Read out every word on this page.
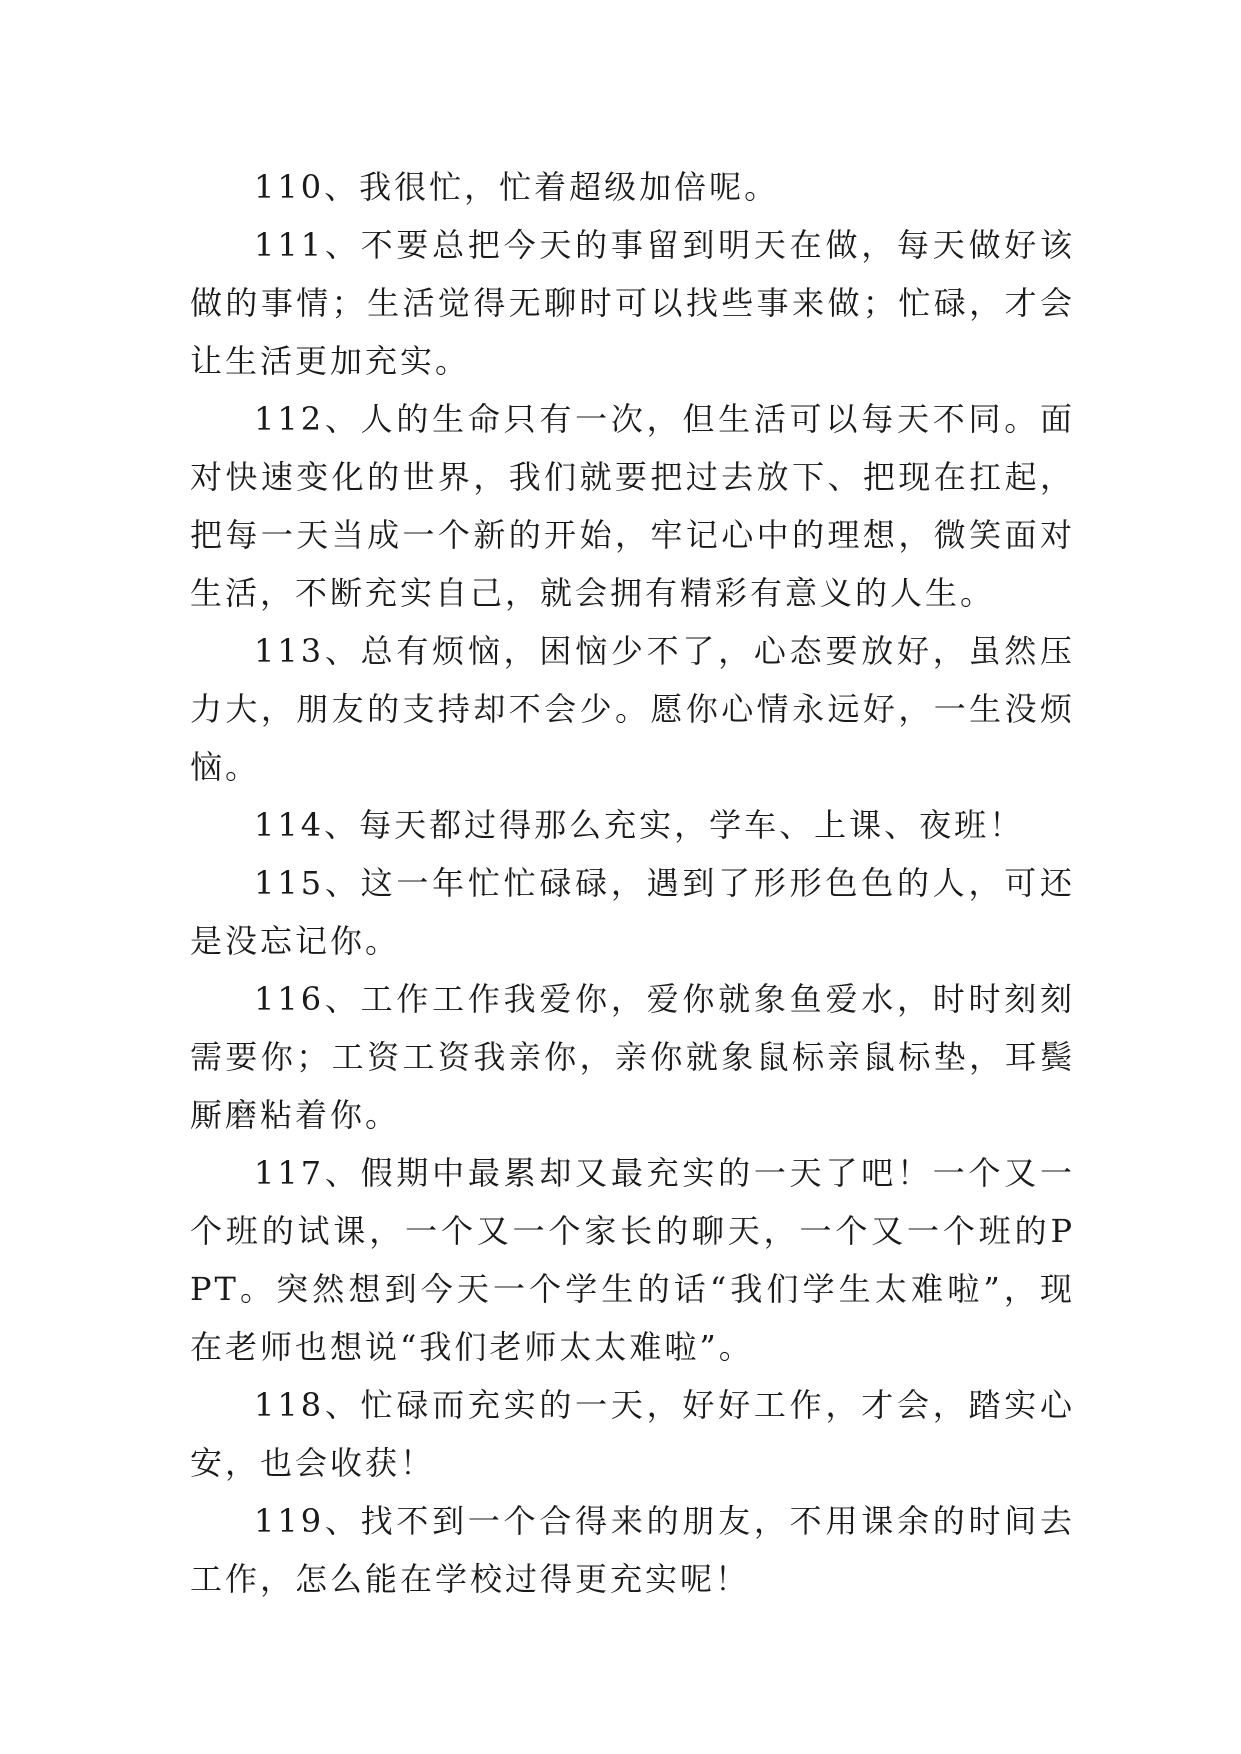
110、我很忙，忙着超级加倍呢。

111、不要总把今天的事留到明天在做，每天做好该做的事情；生活觉得无聊时可以找些事来做；忙碌，才会让生活更加充实。

112、人的生命只有一次，但生活可以每天不同。面对快速变化的世界，我们就要把过去放下、把现在扛起，把每一天当成一个新的开始，牢记心中的理想，微笑面对生活，不断充实自己，就会拥有精彩有意义的人生。

113、总有烦恼，困恼少不了，心态要放好，虽然压力大，朋友的支持却不会少。愿你心情永远好，一生没烦恼。

114、每天都过得那么充实，学车、上课、夜班！

115、这一年忙忙碌碌，遇到了形形色色的人，可还是没忘记你。

116、工作工作我爱你，爱你就象鱼爱水，时时刻刻需要你；工资工资我亲你，亲你就象鼠标亲鼠标垫，耳鬓厮磨粘着你。

117、假期中最累却又最充实的一天了吧！一个又一个班的试课，一个又一个家长的聊天，一个又一个班的PPT。突然想到今天一个学生的话“我们学生太难啦”，现在老师也想说“我们老师太太难啦”。

118、忙碌而充实的一天，好好工作，才会，踏实心安，也会收获！

119、找不到一个合得来的朋友，不用课余的时间去工作，怎么能在学校过得更充实呢！
